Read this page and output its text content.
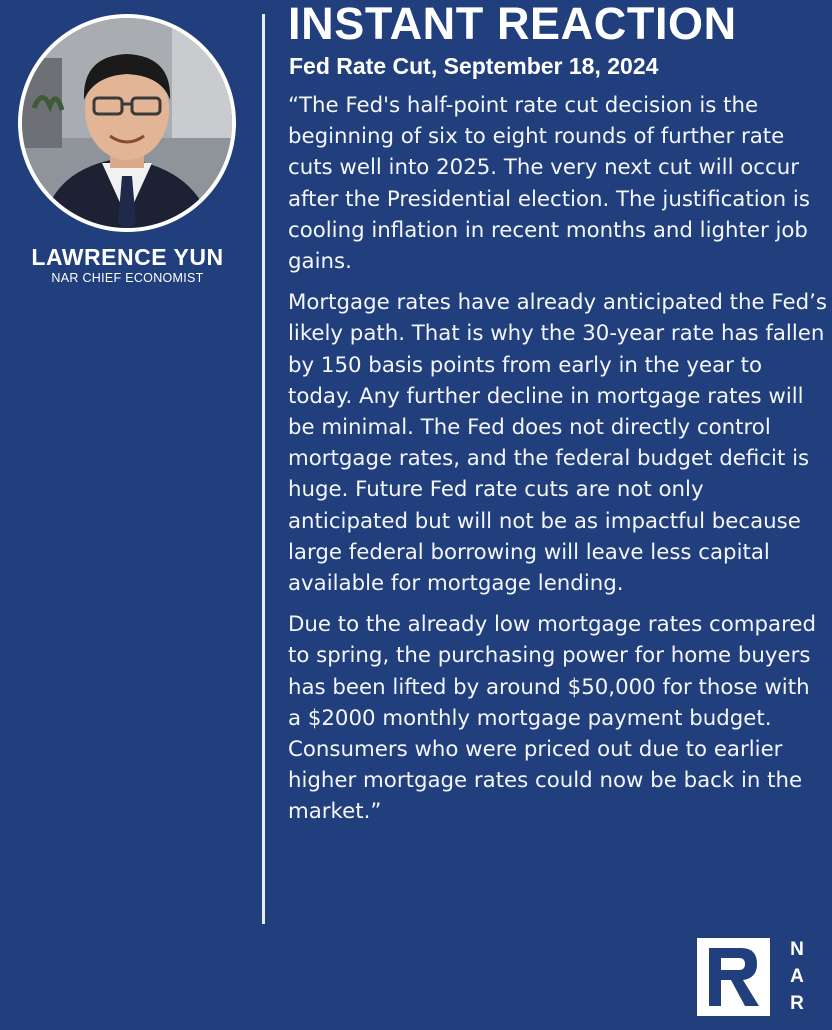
LAWRENCE YUN
NAR CHIEF ECONOMIST
INSTANT REACTION
Fed Rate Cut, September 18, 2024

“The Fed's half-point rate cut decision is the beginning of six to eight rounds of further rate cuts well into 2025. The very next cut will occur after the Presidential election. The justification is cooling inflation in recent months and lighter job gains.

Mortgage rates have already anticipated the Fed’s likely path. That is why the 30-year rate has fallen by 150 basis points from early in the year to today. Any further decline in mortgage rates will be minimal. The Fed does not directly control mortgage rates, and the federal budget deficit is huge. Future Fed rate cuts are not only anticipated but will not be as impactful because large federal borrowing will leave less capital available for mortgage lending.

Due to the already low mortgage rates compared to spring, the purchasing power for home buyers has been lifted by around $50,000 for those with a $2000 monthly mortgage payment budget. Consumers who were priced out due to earlier higher mortgage rates could now be back in the market.”

N
A
R
